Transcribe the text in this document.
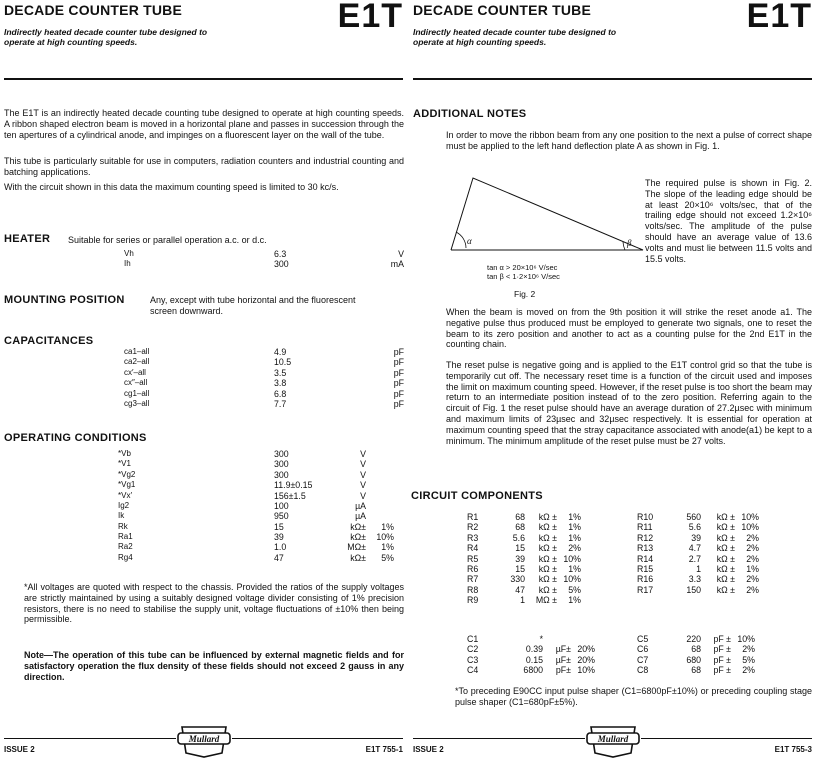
DECADE COUNTER TUBE
Indirectly heated decade counter tube designed to operate at high counting speeds.
E1T
The E1T is an indirectly heated decade counting tube designed to operate at high counting speeds. A ribbon shaped electron beam is moved in a horizontal plane and passes in succession through the ten apertures of a cylindrical anode, and impinges on a fluorescent layer on the wall of the tube.
This tube is particularly suitable for use in computers, radiation counters and industrial counting and batching applications.
With the circuit shown in this data the maximum counting speed is limited to 30 kc/s.
HEATER Suitable for series or parallel operation a.c. or d.c.
Vh	6.3	V
Ih	300	mA
MOUNTING POSITION	Any, except with tube horizontal and the fluorescent screen downward.
CAPACITANCES
ca1–all	4.9	pF
ca2–all	10.5	pF
cx′–all	3.5	pF
cx″–all	3.8	pF
cg1–all	6.8	pF
cg3–all	7.7	pF
OPERATING CONDITIONS
*Vb	300	V
*V1	300	V
*Vg2	300	V
*Vg1	11.9±0.15	V
*Vx′	156±1.5	V
Ig2	100	µA
Ik	950	µA
Rk	15	kΩ±	1%
Ra1	39	kΩ±	10%
Ra2	1.0	MΩ±	1%
Rg4	47	kΩ±	5%
*All voltages are quoted with respect to the chassis. Provided the ratios of the supply voltages are strictly maintained by using a suitably designed voltage divider consisting of 1% precision resistors, there is no need to stabilise the supply unit, voltage fluctuations of ±10% then being permissible.
Note—The operation of this tube can be influenced by external magnetic fields and for satisfactory operation the flux density of these fields should not exceed 2 gauss in any direction.
Mullard
ISSUE 2	E1T 755-1
DECADE COUNTER TUBE
Indirectly heated decade counter tube designed to operate at high counting speeds.
E1T
ADDITIONAL NOTES
In order to move the ribbon beam from any one position to the next a pulse of correct shape must be applied to the left hand deflection plate A as shown in Fig. 1.
α	β
tan α > 20×10⁶ V/sec
tan β < 1·2×10⁶ V/sec
Fig. 2
The required pulse is shown in Fig. 2. The slope of the leading edge should be at least 20×10⁶ volts/sec, that of the trailing edge should not exceed 1.2×10⁶ volts/sec. The amplitude of the pulse should have an average value of 13.6 volts and must lie between 11.5 volts and 15.5 volts.
When the beam is moved on from the 9th position it will strike the reset anode a1. The negative pulse thus produced must be employed to generate two signals, one to reset the beam to its zero position and another to act as a counting pulse for the 2nd E1T in the counting chain.
The reset pulse is negative going and is applied to the E1T control grid so that the tube is temporarily cut off. The necessary reset time is a function of the circuit used and imposes the limit on maximum counting speed. However, if the reset pulse is too short the beam may return to an intermediate position instead of to the zero position. Referring again to the circuit of Fig. 1 the reset pulse should have an average duration of 27.2µsec with minimum and maximum limits of 23µsec and 32µsec respectively. It is essential for operation at maximum counting speed that the stray capacitance associated with anode(a1) be kept to a minimum. The minimum amplitude of the reset pulse must be 27 volts.
CIRCUIT COMPONENTS
R1	68	kΩ ±	1%
R2	68	kΩ ±	1%
R3	5.6	kΩ ±	1%
R4	15	kΩ ±	2%
R5	39	kΩ ± 10%
R6	15	kΩ ±	1%
R7	330	kΩ ± 10%
R8	47	kΩ ±	5%
R9	1	MΩ ±	1%
R10	560	kΩ ± 10%
R11	5.6	kΩ ± 10%
R12	39	kΩ ±	2%
R13	4.7	kΩ ±	2%
R14	2.7	kΩ ±	2%
R15	1	kΩ ±	1%
R16	3.3	kΩ ±	2%
R17	150	kΩ ±	2%
C1	*
C2	0.39	µF± 20%
C3	0.15	µF± 20%
C4	6800	pF± 10%
C5	220	pF ± 10%
C6	68	pF ±	2%
C7	680	pF ±	5%
C8	68	pF ±	2%
*To preceding E90CC input pulse shaper (C1=6800pF±10%) or preceding coupling stage pulse shaper (C1=680pF±5%).
Mullard
ISSUE 2	E1T 755-3
